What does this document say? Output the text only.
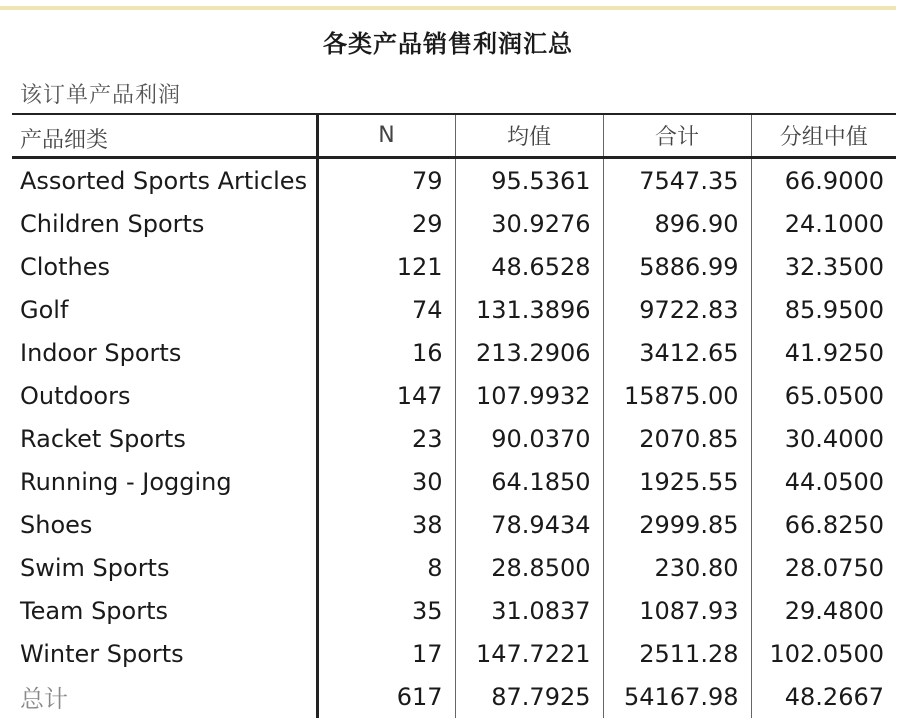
各类产品销售利润汇总
该订单产品利润
产品细类	N	均值	合计	分组中值
Assorted Sports Articles	79	95.5361	7547.35	66.9000
Children Sports	29	30.9276	896.90	24.1000
Clothes	121	48.6528	5886.99	32.3500
Golf	74	131.3896	9722.83	85.9500
Indoor Sports	16	213.2906	3412.65	41.9250
Outdoors	147	107.9932	15875.00	65.0500
Racket Sports	23	90.0370	2070.85	30.4000
Running - Jogging	30	64.1850	1925.55	44.0500
Shoes	38	78.9434	2999.85	66.8250
Swim Sports	8	28.8500	230.80	28.0750
Team Sports	35	31.0837	1087.93	29.4800
Winter Sports	17	147.7221	2511.28	102.0500
总计	617	87.7925	54167.98	48.2667
